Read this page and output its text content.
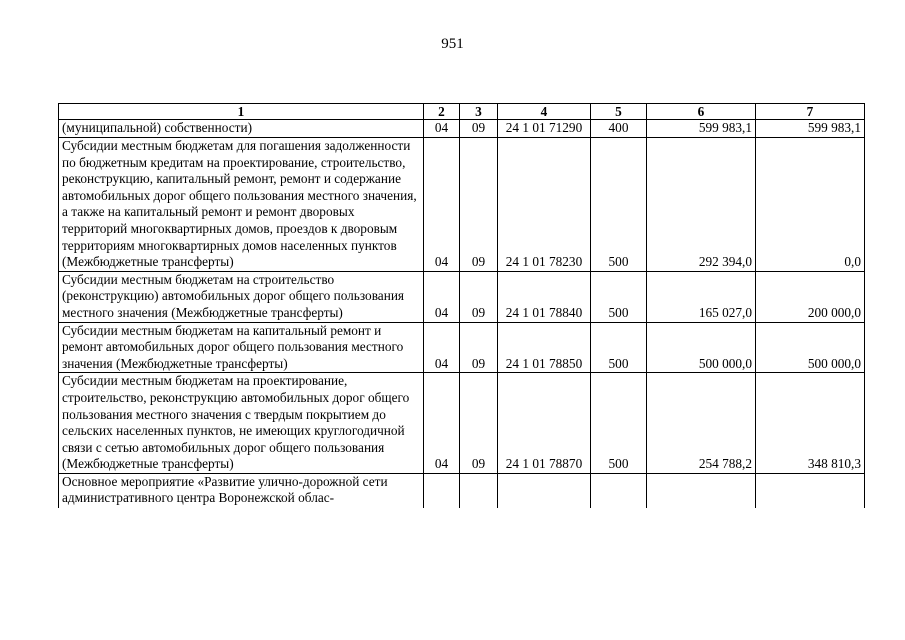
951
1	2	3	4	5	6	7
(муниципальной) собственности)	04	09	24 1 01 71290	400	599 983,1	599 983,1
Субсидии местным бюджетам для погашения задолженности по бюджетным кредитам на проектирование, строительство, реконструкцию, капитальный ремонт, ремонт и содержание автомобильных дорог общего пользования местного значения, а также на капитальный ремонт и ремонт дворовых территорий многоквартирных домов, проездов к дворовым территориям многоквартирных домов населенных пунктов (Межбюджетные трансферты)	04	09	24 1 01 78230	500	292 394,0	0,0
Субсидии местным бюджетам на строительство (реконструкцию) автомобильных дорог общего пользования местного значения (Межбюджетные трансферты)	04	09	24 1 01 78840	500	165 027,0	200 000,0
Субсидии местным бюджетам на капитальный ремонт и ремонт автомобильных дорог общего пользования местного значения (Межбюджетные трансферты)	04	09	24 1 01 78850	500	500 000,0	500 000,0
Субсидии местным бюджетам на проектирование, строительство, реконструкцию автомобильных дорог общего пользования местного значения с твердым покрытием до сельских населенных пунктов, не имеющих круглогодичной связи с сетью автомобильных дорог общего пользования (Межбюджетные трансферты)	04	09	24 1 01 78870	500	254 788,2	348 810,3
Основное мероприятие «Развитие улично-дорожной сети административного центра Воронежской облас-						
